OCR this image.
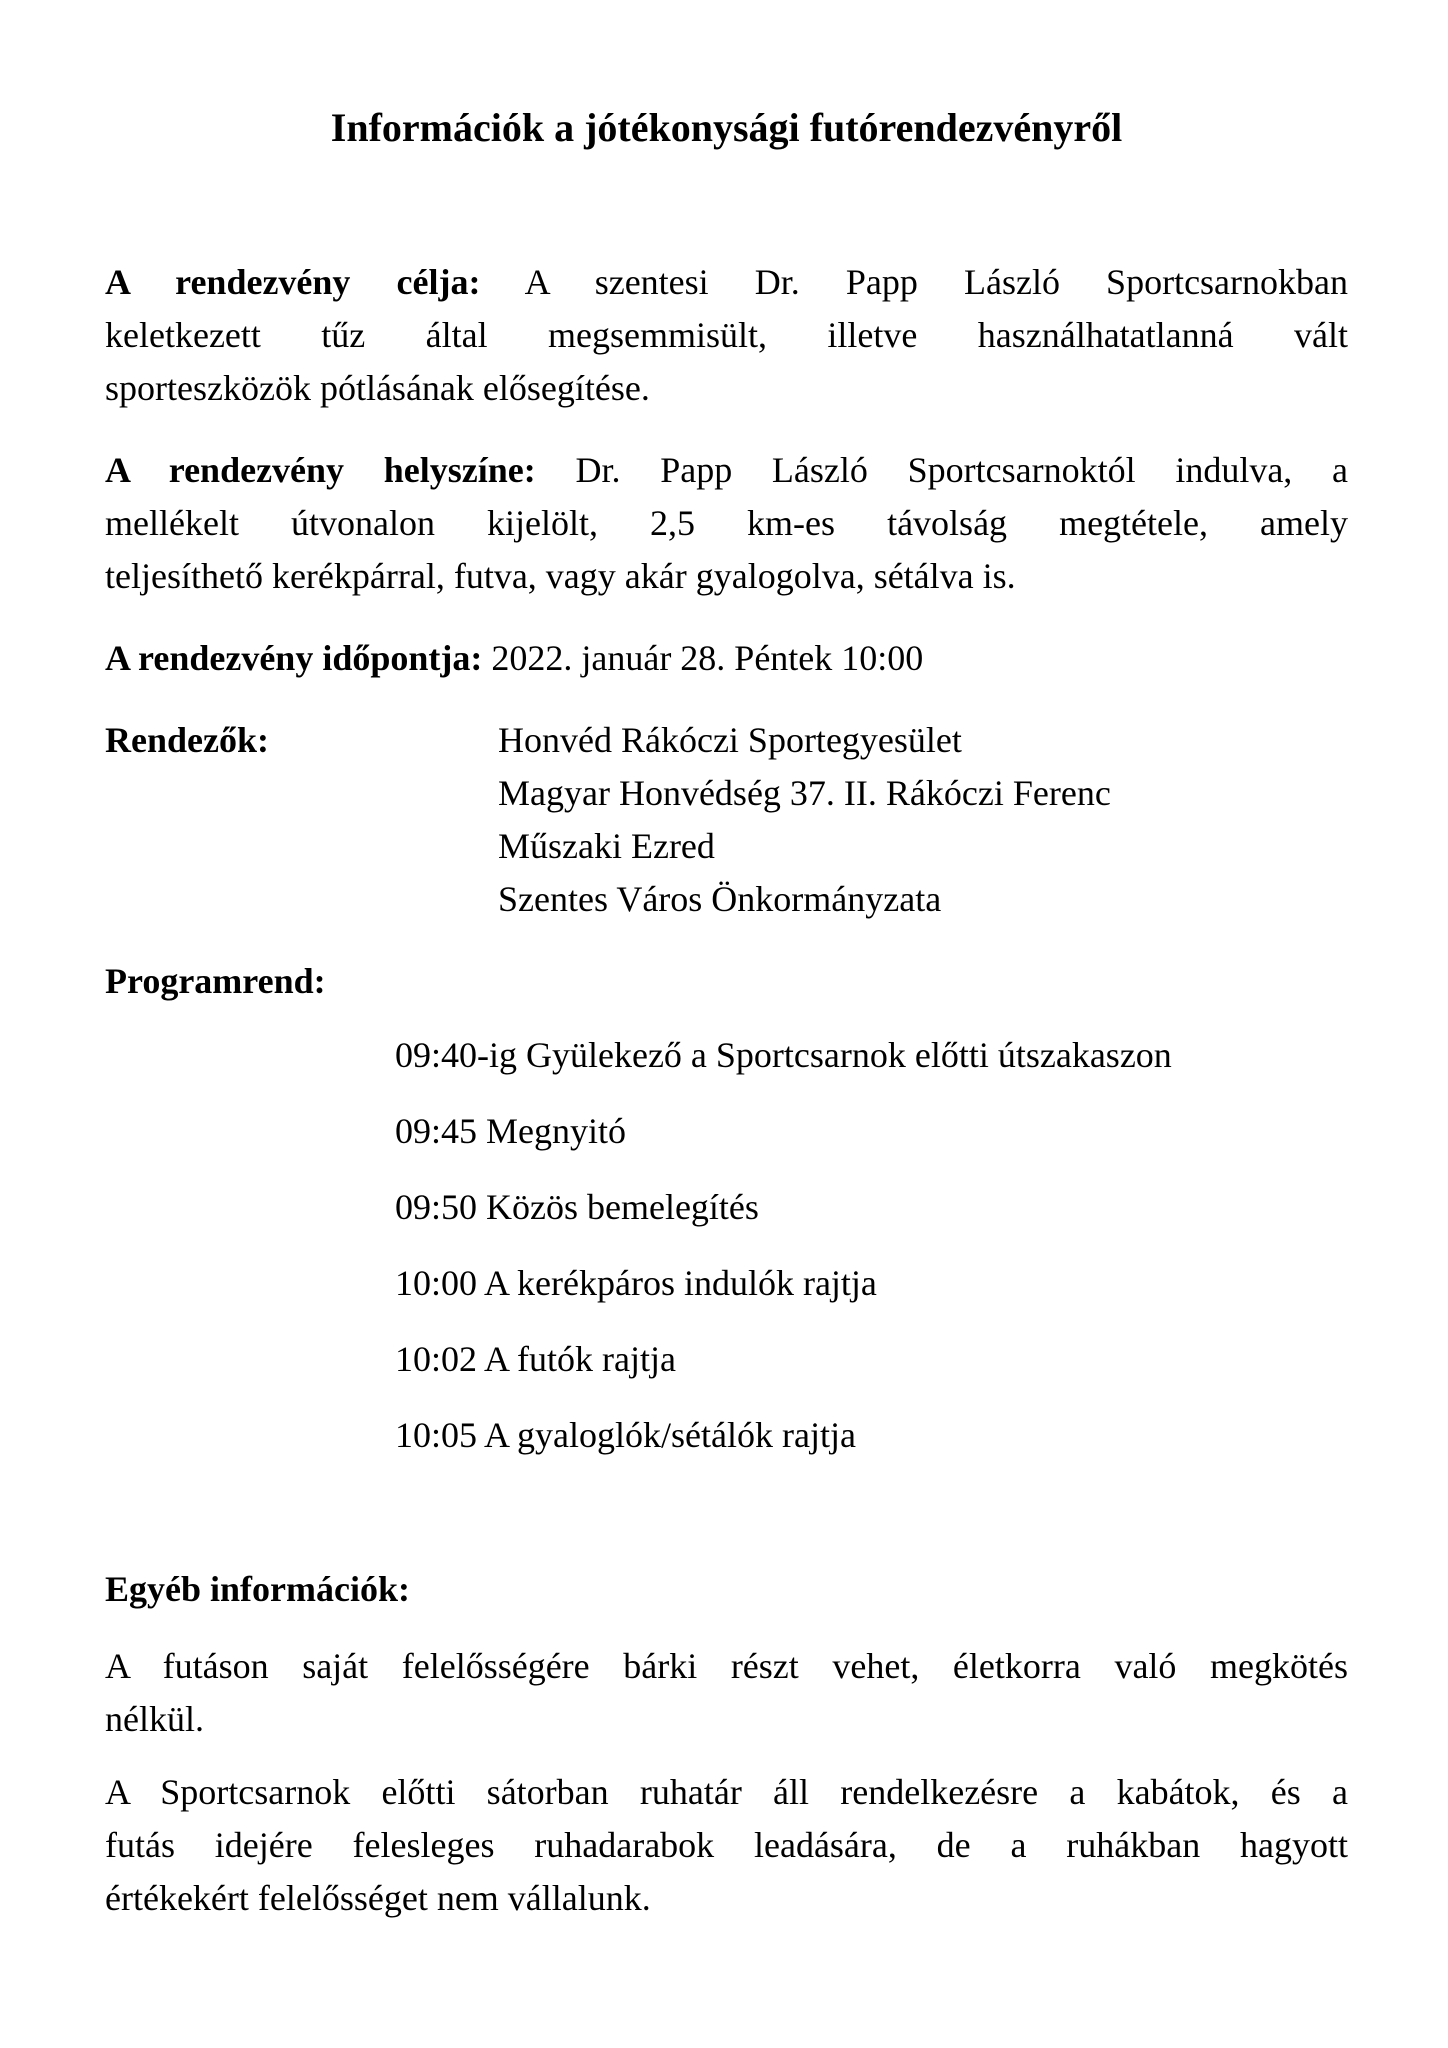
Információk a jótékonysági futórendezvényről
A rendezvény célja: A szentesi Dr. Papp László Sportcsarnokban
keletkezett tűz által megsemmisült, illetve használhatatlanná vált
sporteszközök pótlásának elősegítése.
A rendezvény helyszíne: Dr. Papp László Sportcsarnoktól indulva, a
mellékelt útvonalon kijelölt, 2,5 km-es távolság megtétele, amely
teljesíthető kerékpárral, futva, vagy akár gyalogolva, sétálva is.
A rendezvény időpontja: 2022. január 28. Péntek 10:00
Rendezők:	Honvéd Rákóczi Sportegyesület
Magyar Honvédség 37. II. Rákóczi Ferenc
Műszaki Ezred
Szentes Város Önkormányzata
Programrend:
09:40-ig Gyülekező a Sportcsarnok előtti útszakaszon
09:45 Megnyitó
09:50 Közös bemelegítés
10:00 A kerékpáros indulók rajtja
10:02 A futók rajtja
10:05 A gyaloglók/sétálók rajtja
Egyéb információk:
A futáson saját felelősségére bárki részt vehet, életkorra való megkötés
nélkül.
A Sportcsarnok előtti sátorban ruhatár áll rendelkezésre a kabátok, és a
futás idejére felesleges ruhadarabok leadására, de a ruhákban hagyott
értékekért felelősséget nem vállalunk.
